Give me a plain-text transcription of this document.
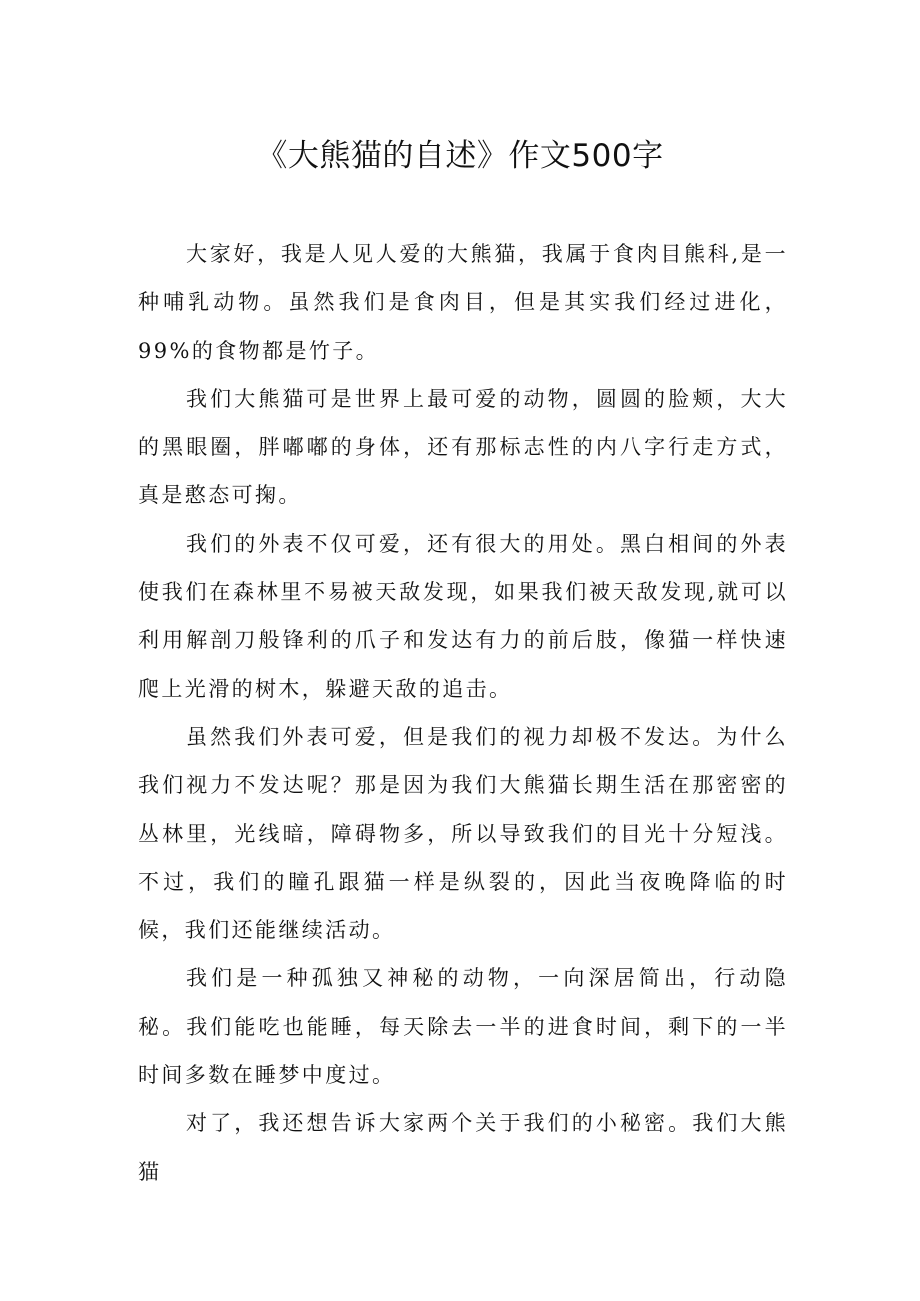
《大熊猫的自述》作文500字

大家好，我是人见人爱的大熊猫，我属于食肉目熊科,是一种哺乳动物。虽然我们是食肉目，但是其实我们经过进化，99%的食物都是竹子。

我们大熊猫可是世界上最可爱的动物，圆圆的脸颊，大大的黑眼圈，胖嘟嘟的身体，还有那标志性的内八字行走方式，真是憨态可掬。

我们的外表不仅可爱，还有很大的用处。黑白相间的外表使我们在森林里不易被天敌发现，如果我们被天敌发现,就可以利用解剖刀般锋利的爪子和发达有力的前后肢，像猫一样快速爬上光滑的树木，躲避天敌的追击。

虽然我们外表可爱，但是我们的视力却极不发达。为什么我们视力不发达呢？那是因为我们大熊猫长期生活在那密密的丛林里，光线暗，障碍物多，所以导致我们的目光十分短浅。不过，我们的瞳孔跟猫一样是纵裂的，因此当夜晚降临的时候，我们还能继续活动。

我们是一种孤独又神秘的动物，一向深居简出，行动隐秘。我们能吃也能睡，每天除去一半的进食时间，剩下的一半时间多数在睡梦中度过。

对了，我还想告诉大家两个关于我们的小秘密。我们大熊猫
